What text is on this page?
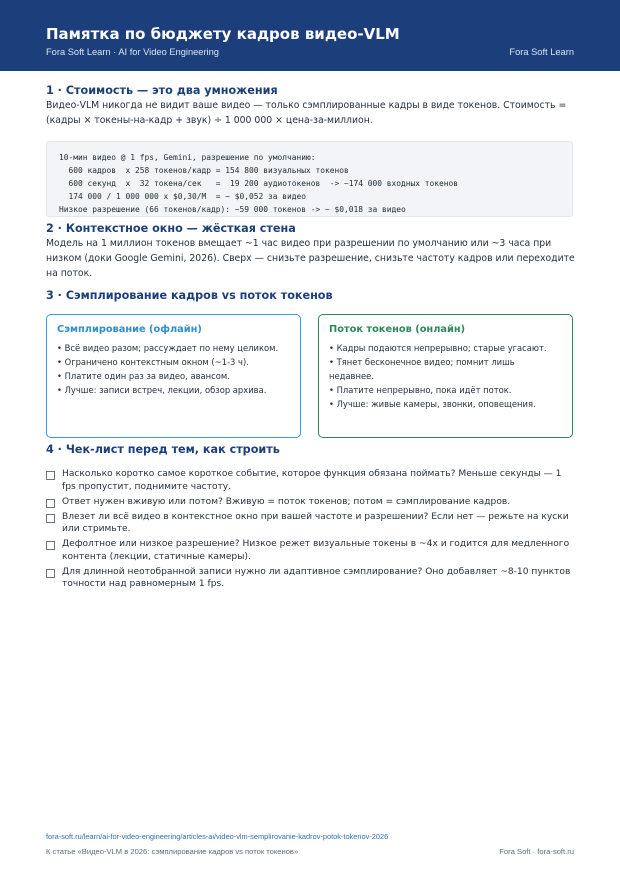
Памятка по бюджету кадров видео-VLM
Fora Soft Learn · AI for Video Engineering	Fora Soft Learn
1 · Стоимость — это два умножения
Видео-VLM никогда не видит ваше видео — только сэмплированные кадры в виде токенов. Стоимость = (кадры × токены-на-кадр + звук) ÷ 1 000 000 × цена-за-миллион.
10-мин видео @ 1 fps, Gemini, разрешение по умолчанию:
600 кадров  x 258 токенов/кадр = 154 800 визуальных токенов
600 секунд  x  32 токена/сек   =  19 200 аудиотокенов  -> ~174 000 входных токенов
174 000 / 1 000 000 x $0,30/M  = ~ $0,052 за видео
Низкое разрешение (66 токенов/кадр): ~59 000 токенов -> ~ $0,018 за видео
2 · Контекстное окно — жёсткая стена
Модель на 1 миллион токенов вмещает ~1 час видео при разрешении по умолчанию или ~3 часа при низком (доки Google Gemini, 2026). Сверх — снизьте разрешение, снизьте частоту кадров или переходите на поток.
3 · Сэмплирование кадров vs поток токенов
Сэмплирование (офлайн)
• Всё видео разом; рассуждает по нему целиком.
• Ограничено контекстным окном (~1-3 ч).
• Платите один раз за видео, авансом.
• Лучше: записи встреч, лекции, обзор архива.
Поток токенов (онлайн)
• Кадры подаются непрерывно; старые угасают.
• Тянет бесконечное видео; помнит лишь недавнее.
• Платите непрерывно, пока идёт поток.
• Лучше: живые камеры, звонки, оповещения.
4 · Чек-лист перед тем, как строить
Насколько коротко самое короткое событие, которое функция обязана поймать? Меньше секунды — 1 fps пропустит, поднимите частоту.
Ответ нужен вживую или потом? Вживую = поток токенов; потом = сэмплирование кадров.
Влезет ли всё видео в контекстное окно при вашей частоте и разрешении? Если нет — режьте на куски или стримьте.
Дефолтное или низкое разрешение? Низкое режет визуальные токены в ~4x и годится для медленного контента (лекции, статичные камеры).
Для длинной неотобранной записи нужно ли адаптивное сэмплирование? Оно добавляет ~8-10 пунктов точности над равномерным 1 fps.
fora-soft.ru/learn/ai-for-video-engineering/articles-ai/video-vlm-semplirovanie-kadrov-potok-tokenov-2026
К статье «Видео-VLM в 2026: сэмплирование кадров vs поток токенов»	Fora Soft · fora-soft.ru
